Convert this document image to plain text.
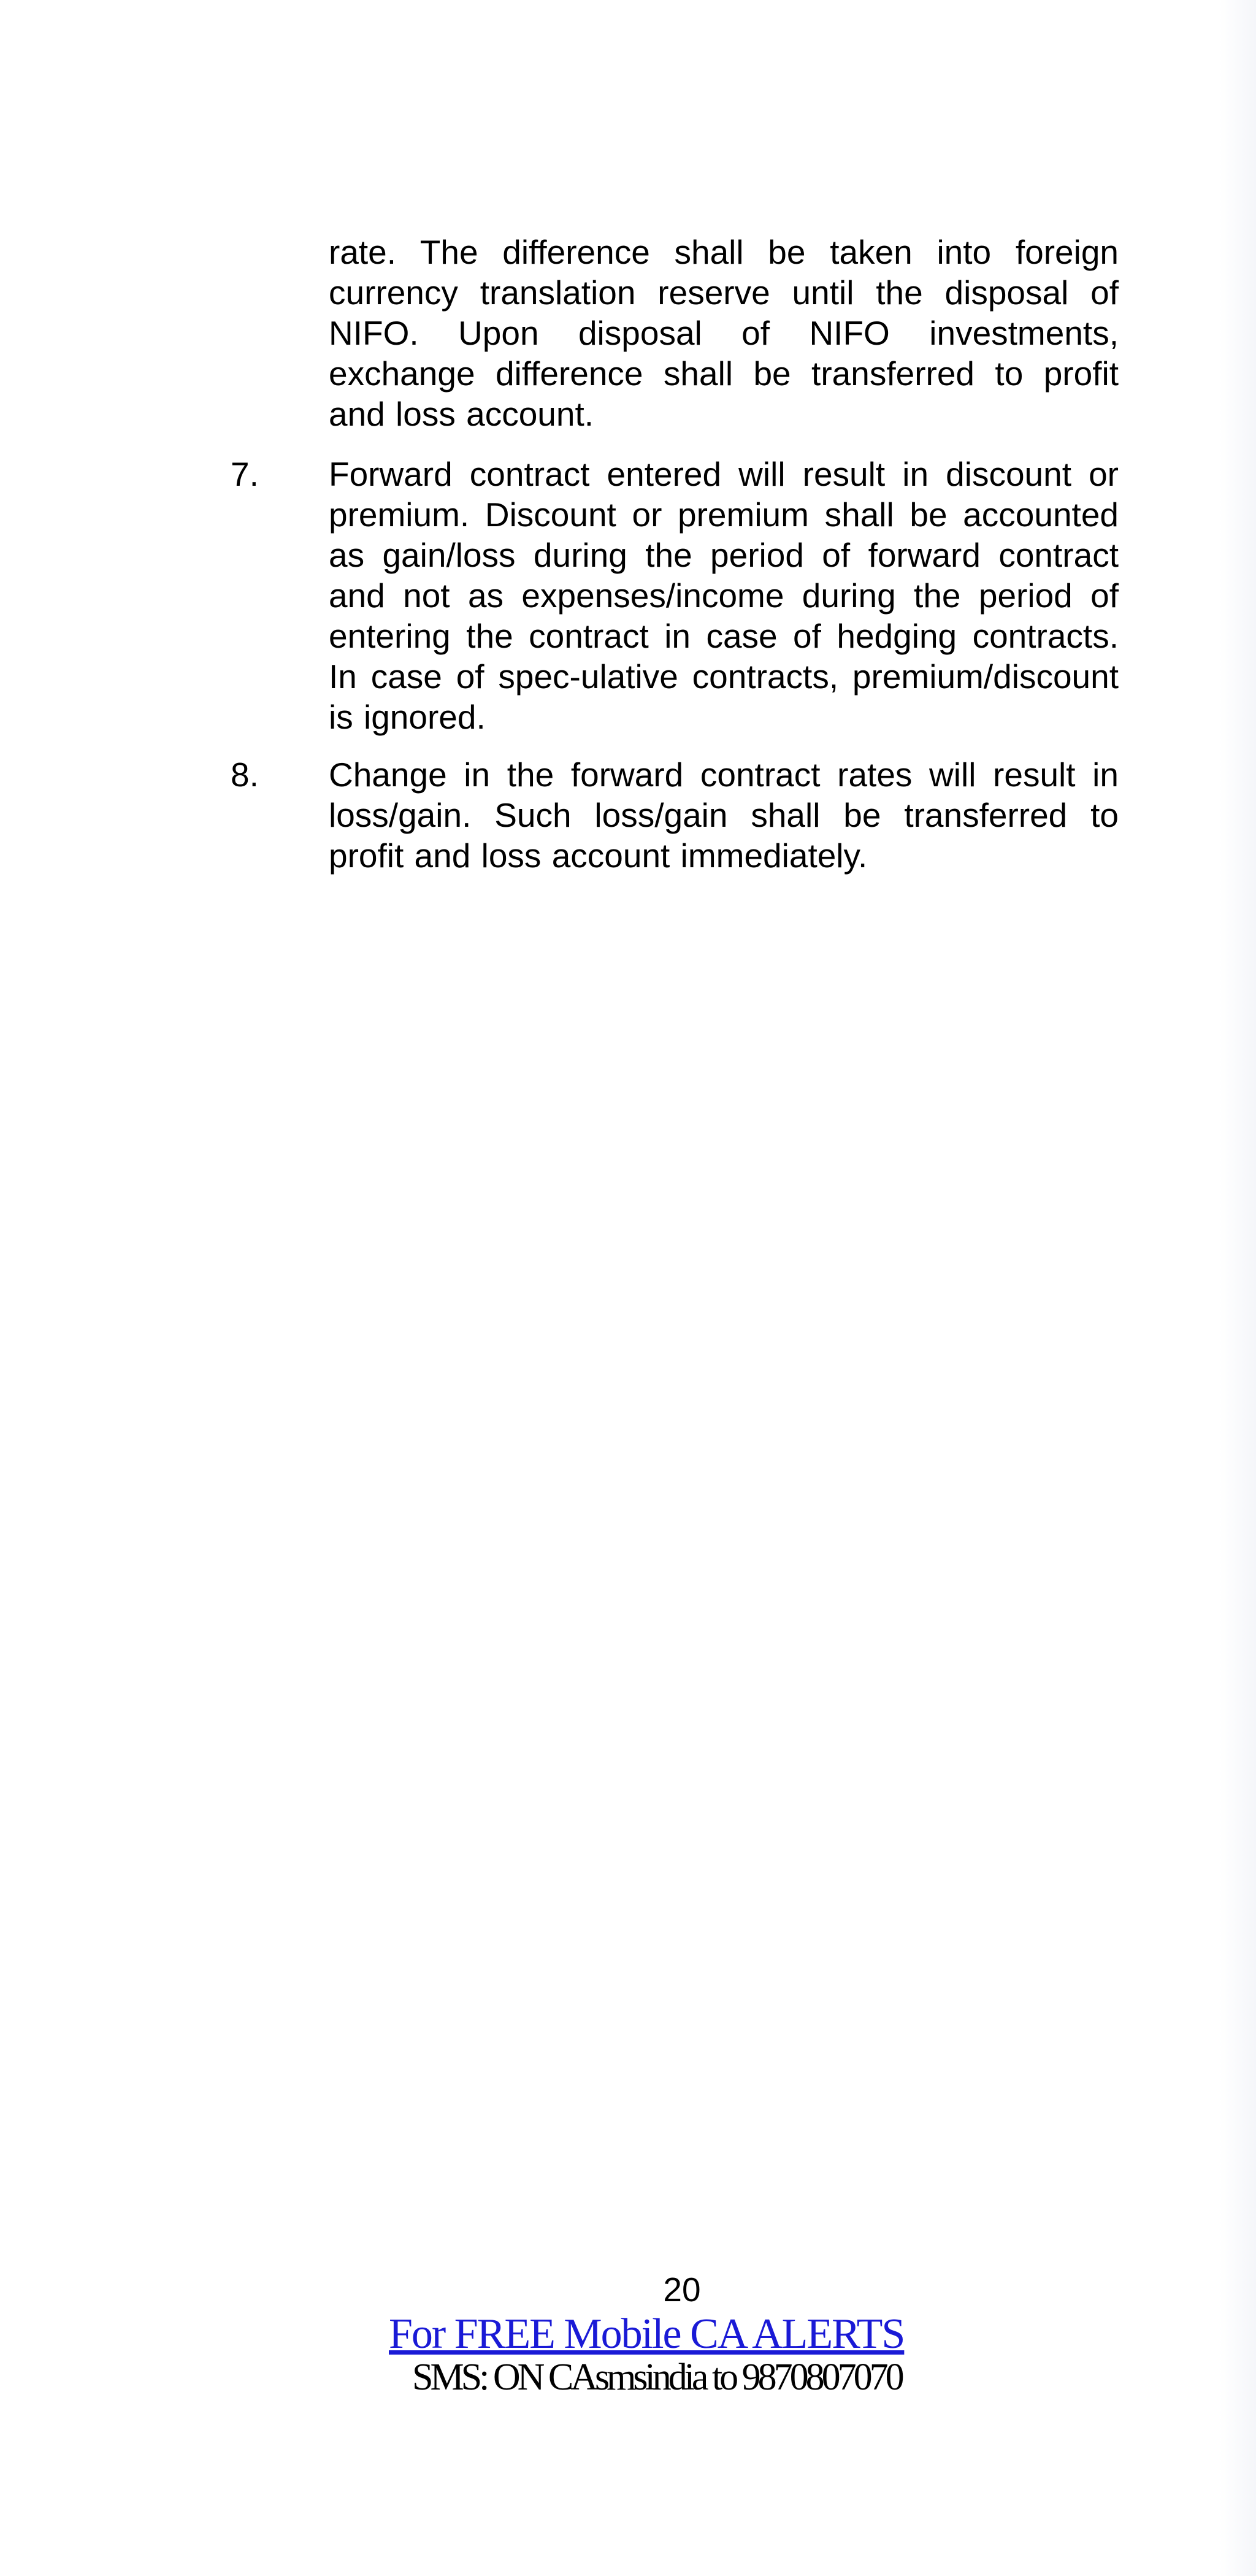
rate. The difference shall be taken into foreign currency translation reserve until the disposal of NIFO. Upon disposal of NIFO investments, exchange difference shall be transferred to profit and loss account.
7.	Forward contract entered will result in discount or premium. Discount or premium shall be accounted as gain/loss during the period of forward contract and not as expenses/income during the period of entering the contract in case of hedging contracts. In case of spec-ulative contracts, premium/discount is ignored.
8.	Change in the forward contract rates will result in loss/gain. Such loss/gain shall be transferred to profit and loss account immediately.
20
For FREE Mobile CA ALERTS
SMS: ON CAsmsindia to 9870807070
